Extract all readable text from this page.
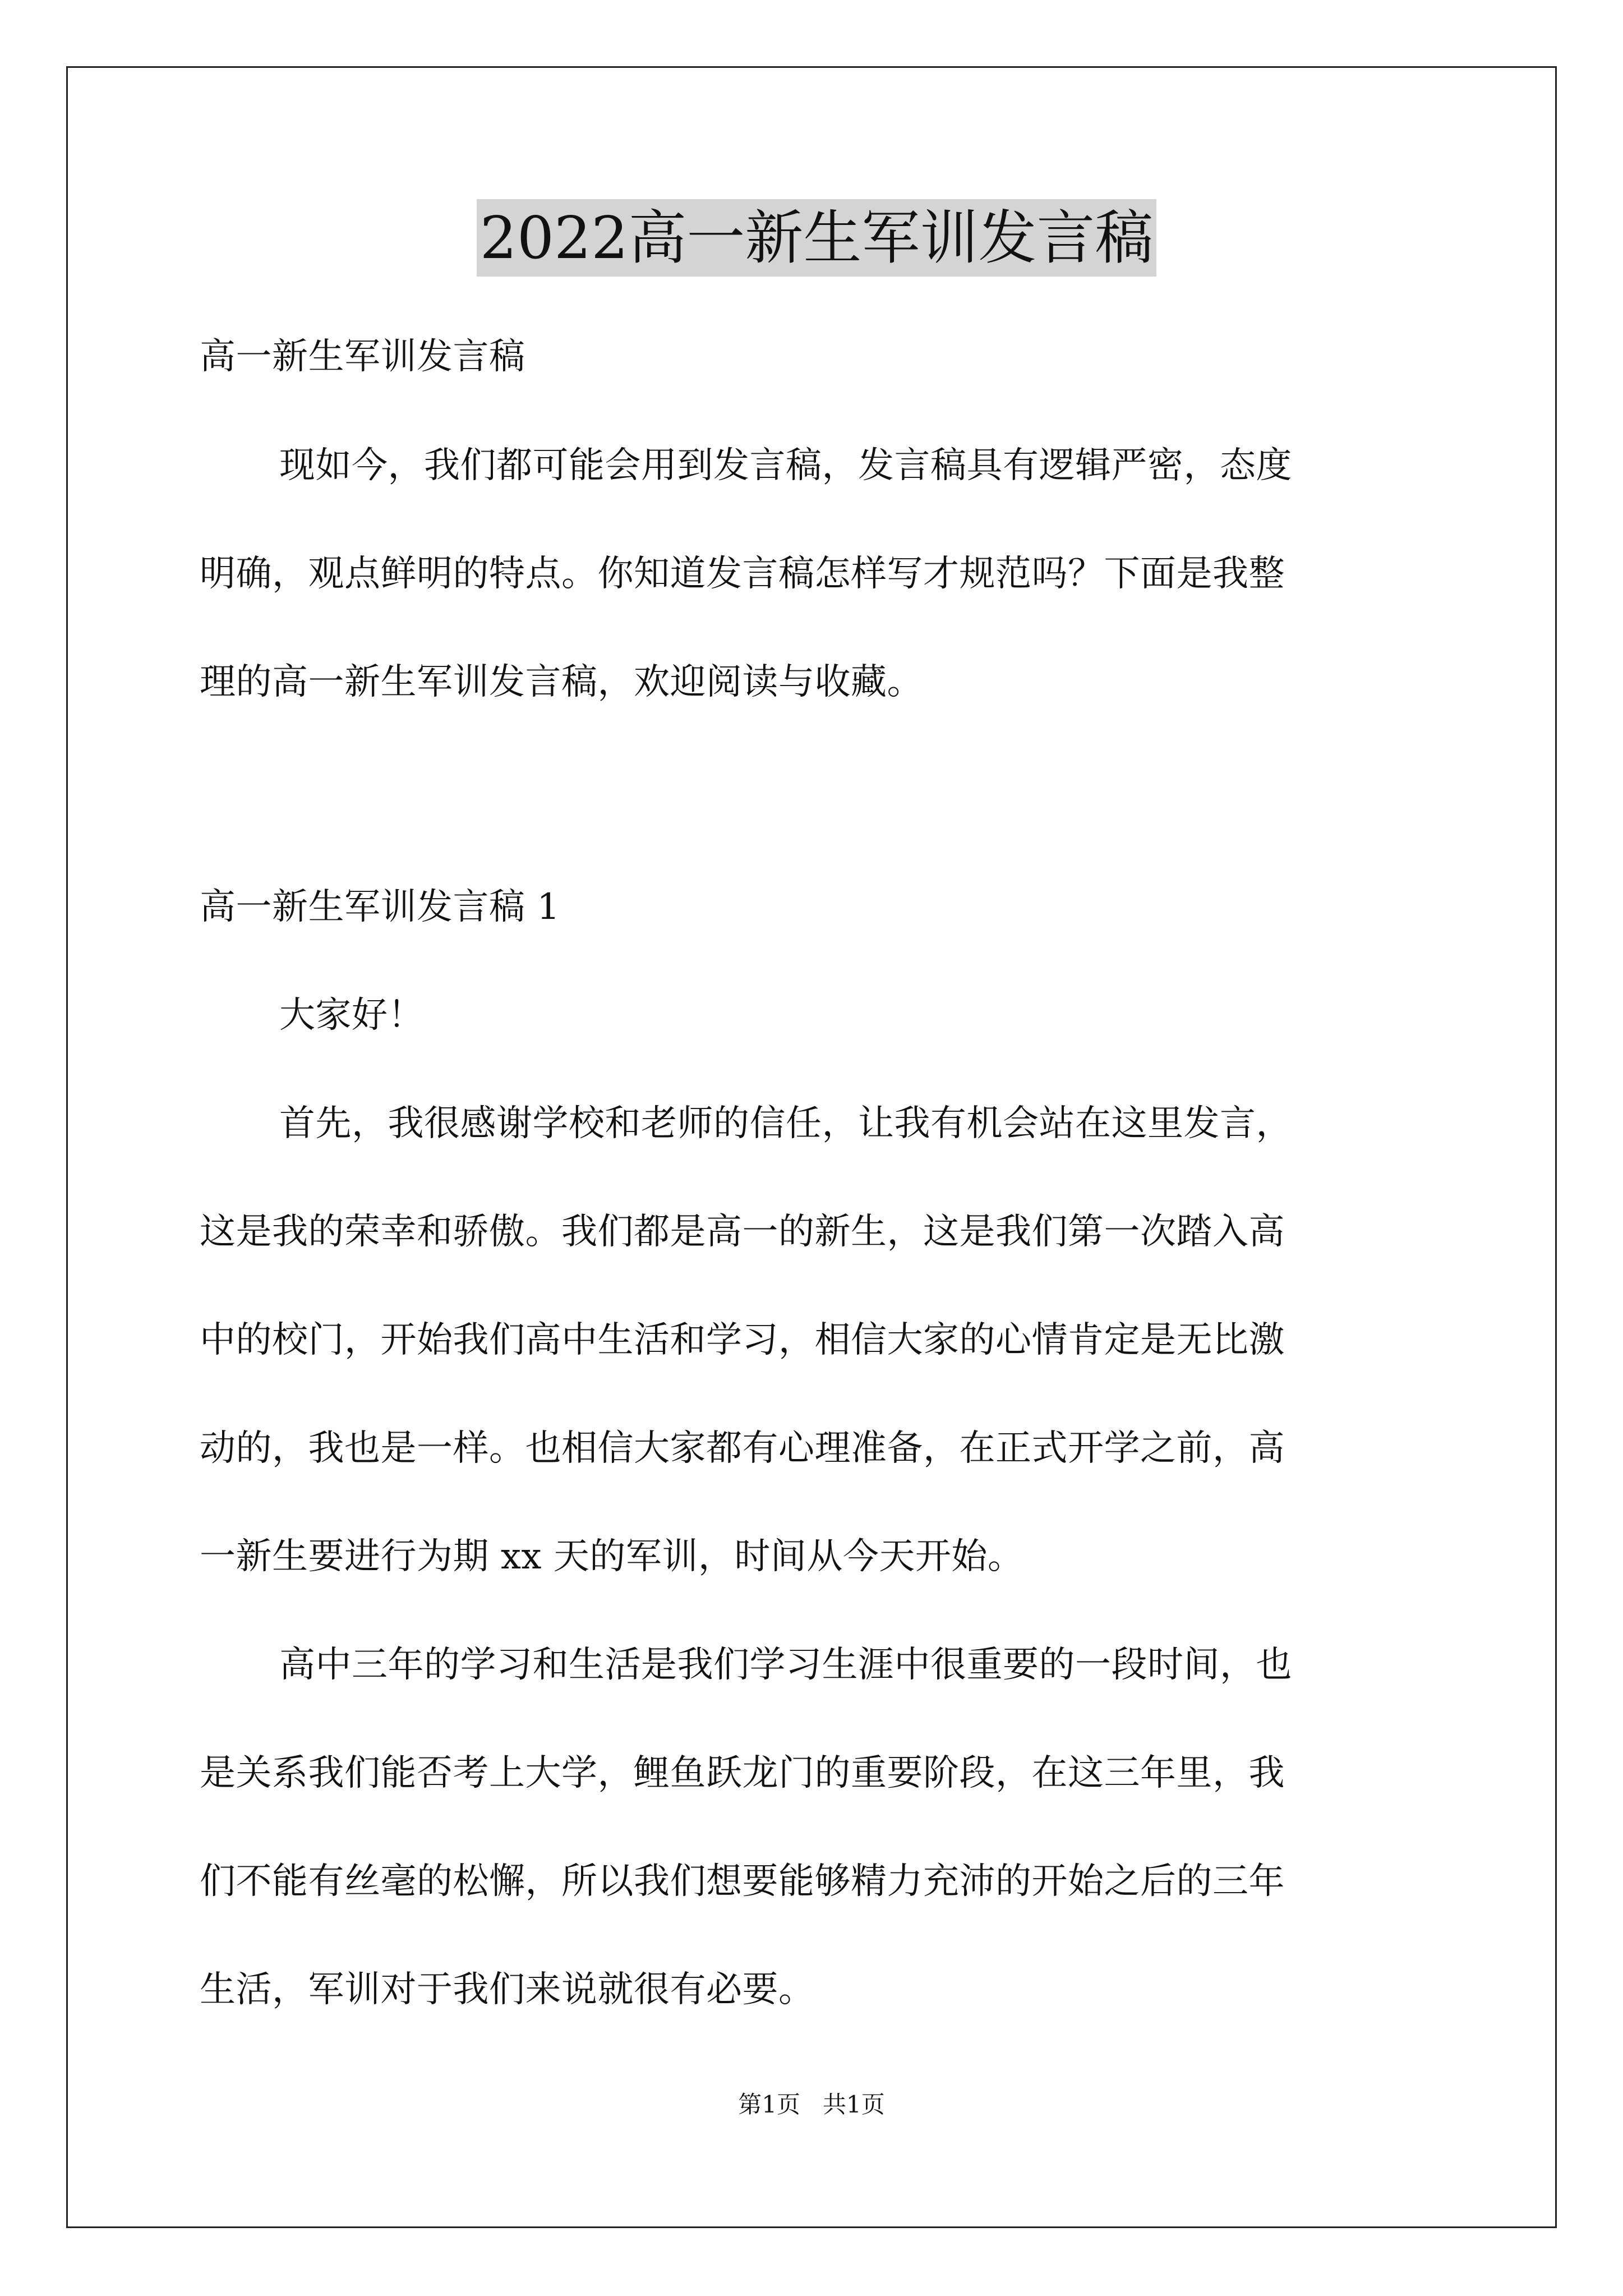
2022高一新生军训发言稿
高一新生军训发言稿
现如今，我们都可能会用到发言稿，发言稿具有逻辑严密，态度
明确，观点鲜明的特点。你知道发言稿怎样写才规范吗？下面是我整
理的高一新生军训发言稿，欢迎阅读与收藏。
高一新生军训发言稿 1
大家好！
首先，我很感谢学校和老师的信任，让我有机会站在这里发言，
这是我的荣幸和骄傲。我们都是高一的新生，这是我们第一次踏入高
中的校门，开始我们高中生活和学习，相信大家的心情肯定是无比激
动的，我也是一样。也相信大家都有心理准备，在正式开学之前，高
一新生要进行为期 xx 天的军训，时间从今天开始。
高中三年的学习和生活是我们学习生涯中很重要的一段时间，也
是关系我们能否考上大学，鲤鱼跃龙门的重要阶段，在这三年里，我
们不能有丝毫的松懈，所以我们想要能够精力充沛的开始之后的三年
生活，军训对于我们来说就很有必要。
第1页 共1页
